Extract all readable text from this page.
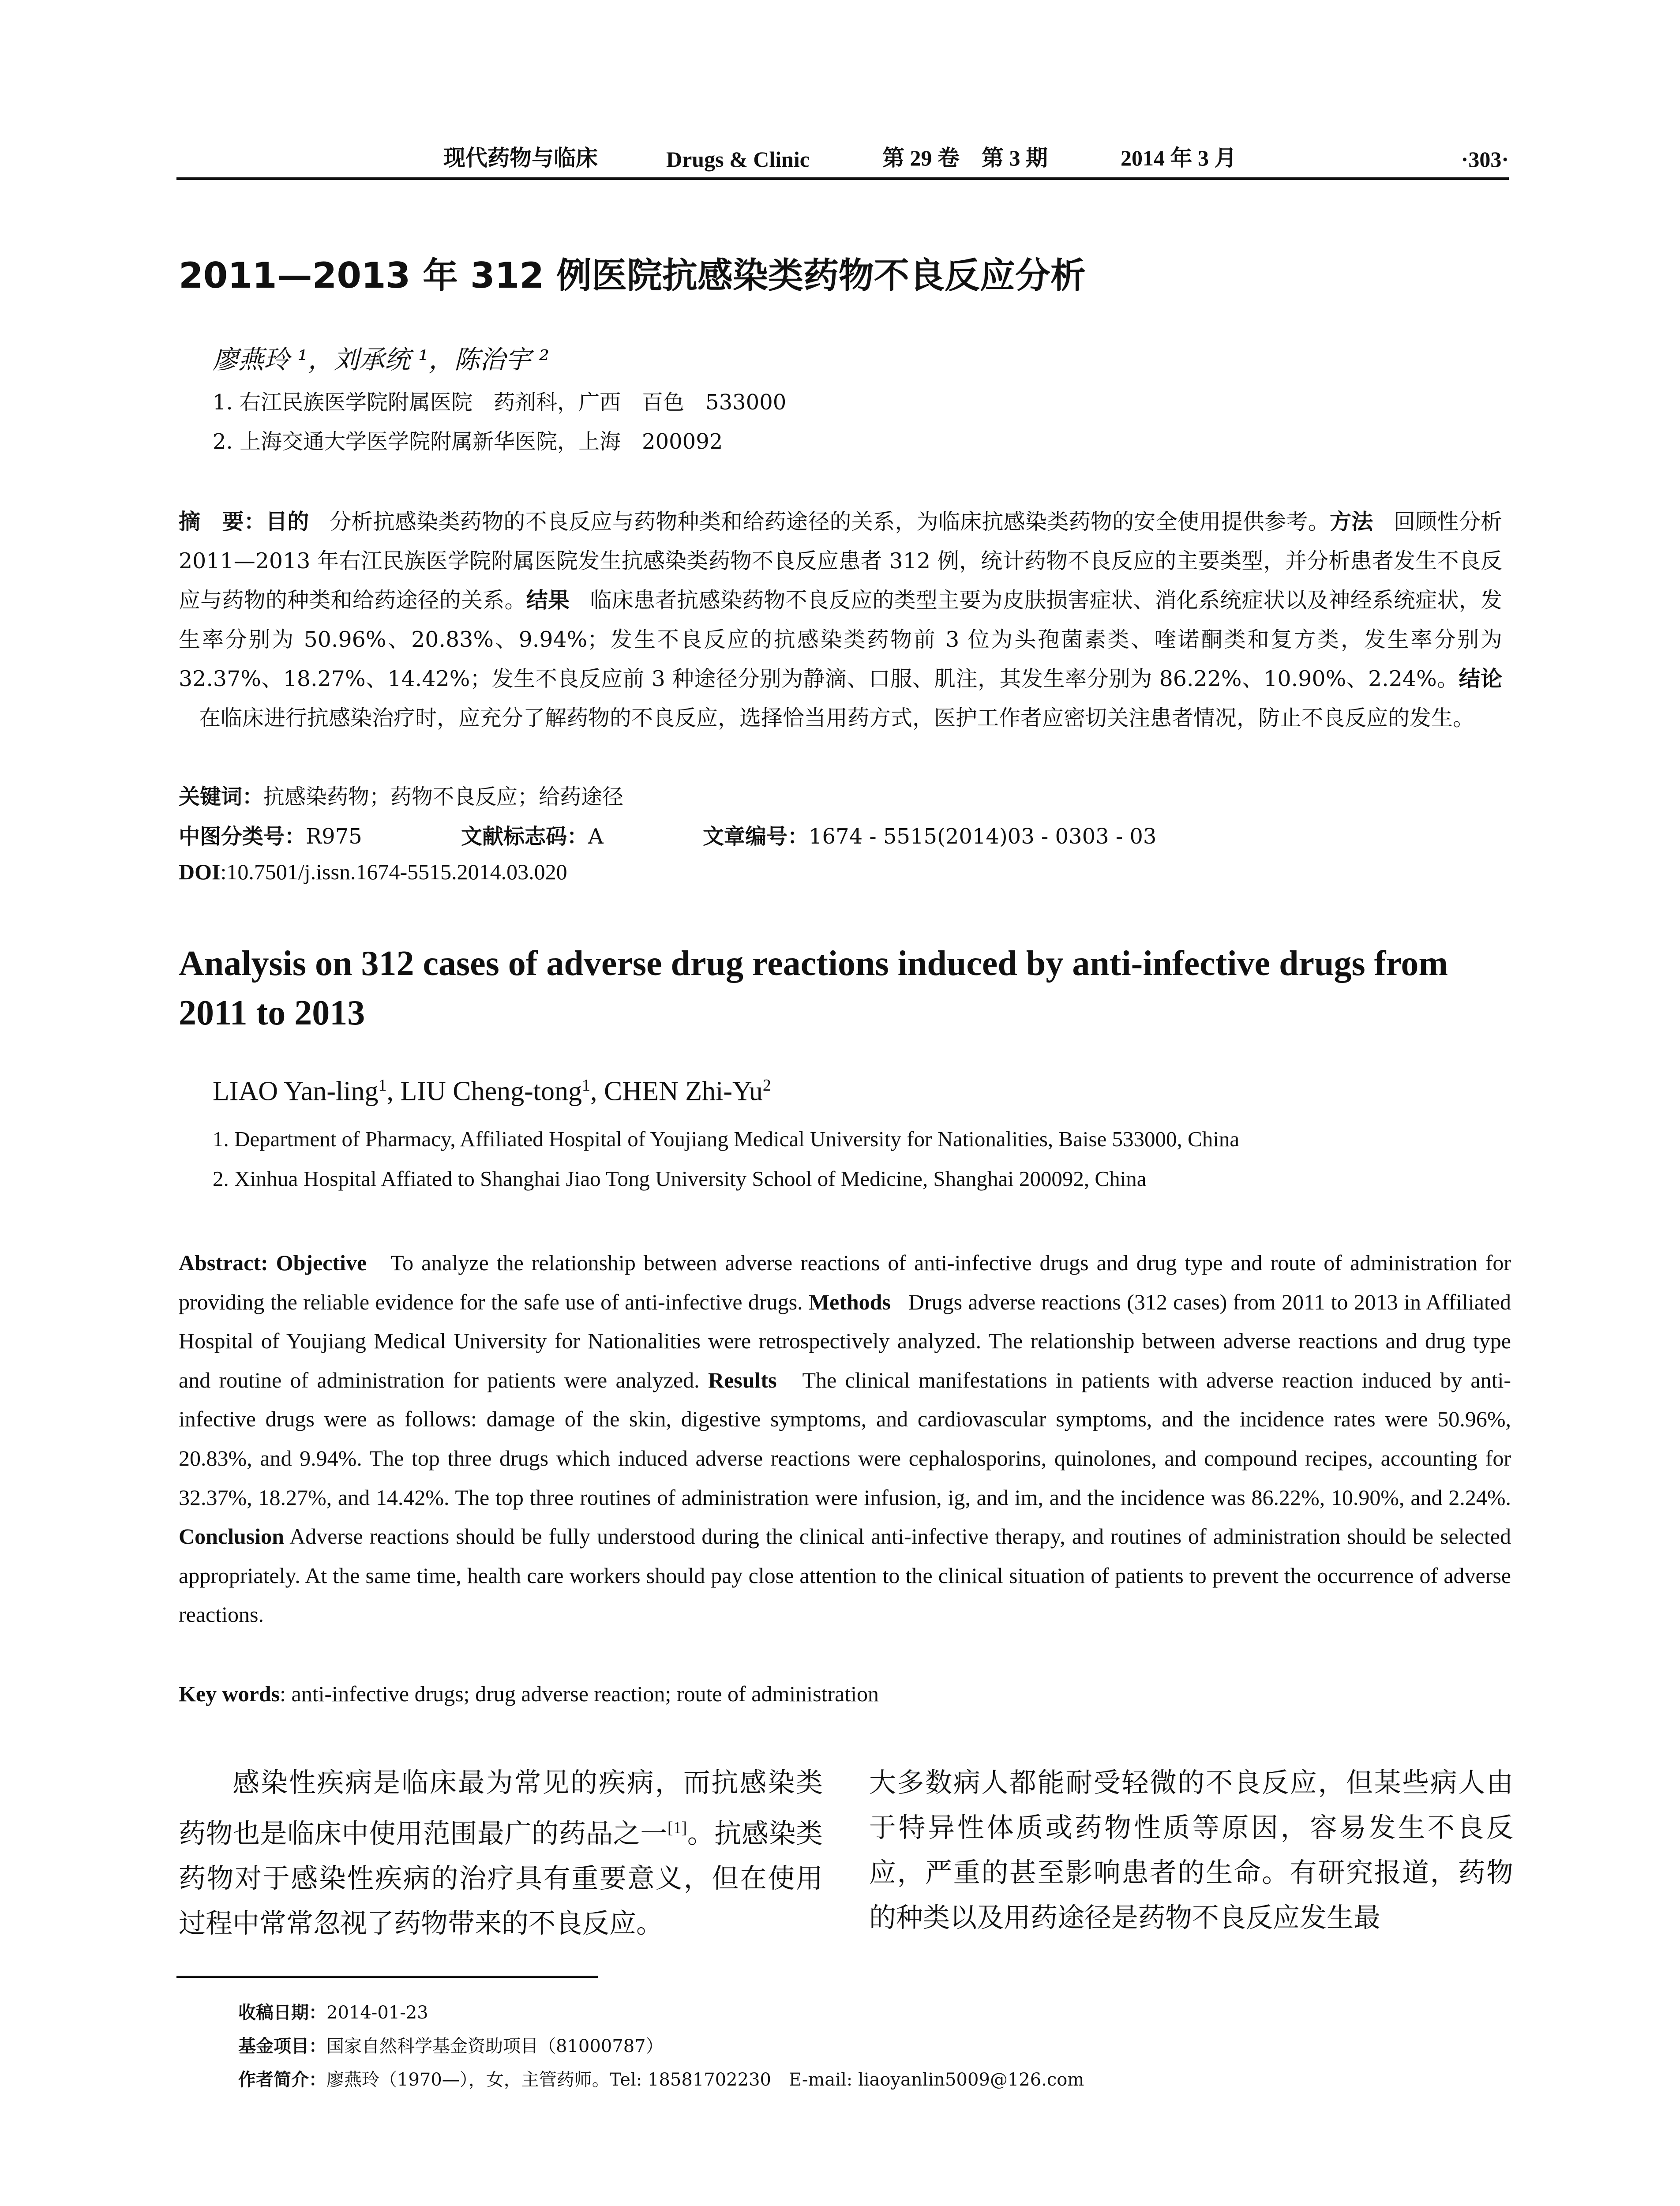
现代药物与临床	Drugs & Clinic	第 29 卷　第 3 期	2014 年 3 月	·303·
2011—2013 年 312 例医院抗感染类药物不良反应分析
廖燕玲 ¹，刘承统 ¹，陈治宇 ²
1. 右江民族医学院附属医院　药剂科，广西　百色　533000
2. 上海交通大学医学院附属新华医院，上海　200092
摘　要：目的 分析抗感染类药物的不良反应与药物种类和给药途径的关系，为临床抗感染类药物的安全使用提供参考。方法 回顾性分析 2011—2013 年右江民族医学院附属医院发生抗感染类药物不良反应患者 312 例，统计药物不良反应的主要类型，并分析患者发生不良反应与药物的种类和给药途径的关系。结果 临床患者抗感染药物不良反应的类型主要为皮肤损害症状、消化系统症状以及神经系统症状，发生率分别为 50.96%、20.83%、9.94%；发生不良反应的抗感染类药物前 3 位为头孢菌素类、喹诺酮类和复方类，发生率分别为 32.37%、18.27%、14.42%；发生不良反应前 3 种途径分别为静滴、口服、肌注，其发生率分别为 86.22%、10.90%、2.24%。结论在临床进行抗感染治疗时，应充分了解药物的不良反应，选择恰当用药方式，医护工作者应密切关注患者情况，防止不良反应的发生。
关键词：抗感染药物；药物不良反应；给药途径
中图分类号：R975	文献标志码：A	文章编号：1674 - 5515(2014)03 - 0303 - 03
DOI:10.7501/j.issn.1674-5515.2014.03.020
Analysis on 312 cases of adverse drug reactions induced by anti-infective drugs from 2011 to 2013
LIAO Yan-ling$^1$, LIU Cheng-tong$^1$, CHEN Zhi-Yu$^2$
1. Department of Pharmacy, Affiliated Hospital of Youjiang Medical University for Nationalities, Baise 533000, China
2. Xinhua Hospital Affiated to Shanghai Jiao Tong University School of Medicine, Shanghai 200092, China
Abstract: Objective To analyze the relationship between adverse reactions of anti-infective drugs and drug type and route of administration for providing the reliable evidence for the safe use of anti-infective drugs. Methods Drugs adverse reactions (312 cases) from 2011 to 2013 in Affiliated Hospital of Youjiang Medical University for Nationalities were retrospectively analyzed. The relationship between adverse reactions and drug type and routine of administration for patients were analyzed. Results The clinical manifestations in patients with adverse reaction induced by anti-infective drugs were as follows: damage of the skin, digestive symptoms, and cardiovascular symptoms, and the incidence rates were 50.96%, 20.83%, and 9.94%. The top three drugs which induced adverse reactions were cephalosporins, quinolones, and compound recipes, accounting for 32.37%, 18.27%, and 14.42%. The top three routines of administration were infusion, ig, and im, and the incidence was 86.22%, 10.90%, and 2.24%. Conclusion Adverse reactions should be fully understood during the clinical anti-infective therapy, and routines of administration should be selected appropriately. At the same time, health care workers should pay close attention to the clinical situation of patients to prevent the occurrence of adverse reactions.
Key words: anti-infective drugs; drug adverse reaction; route of administration
感染性疾病是临床最为常见的疾病，而抗感染类药物也是临床中使用范围最广的药品之一[1]。抗感染类药物对于感染性疾病的治疗具有重要意义，但在使用过程中常常忽视了药物带来的不良反应。
大多数病人都能耐受轻微的不良反应，但某些病人由于特异性体质或药物性质等原因，容易发生不良反应，严重的甚至影响患者的生命。有研究报道，药物的种类以及用药途径是药物不良反应发生最
收稿日期：2014-01-23
基金项目：国家自然科学基金资助项目（81000787）
作者简介：廖燕玲（1970—），女，主管药师。Tel: 18581702230　E-mail: liaoyanlin5009@126.com
